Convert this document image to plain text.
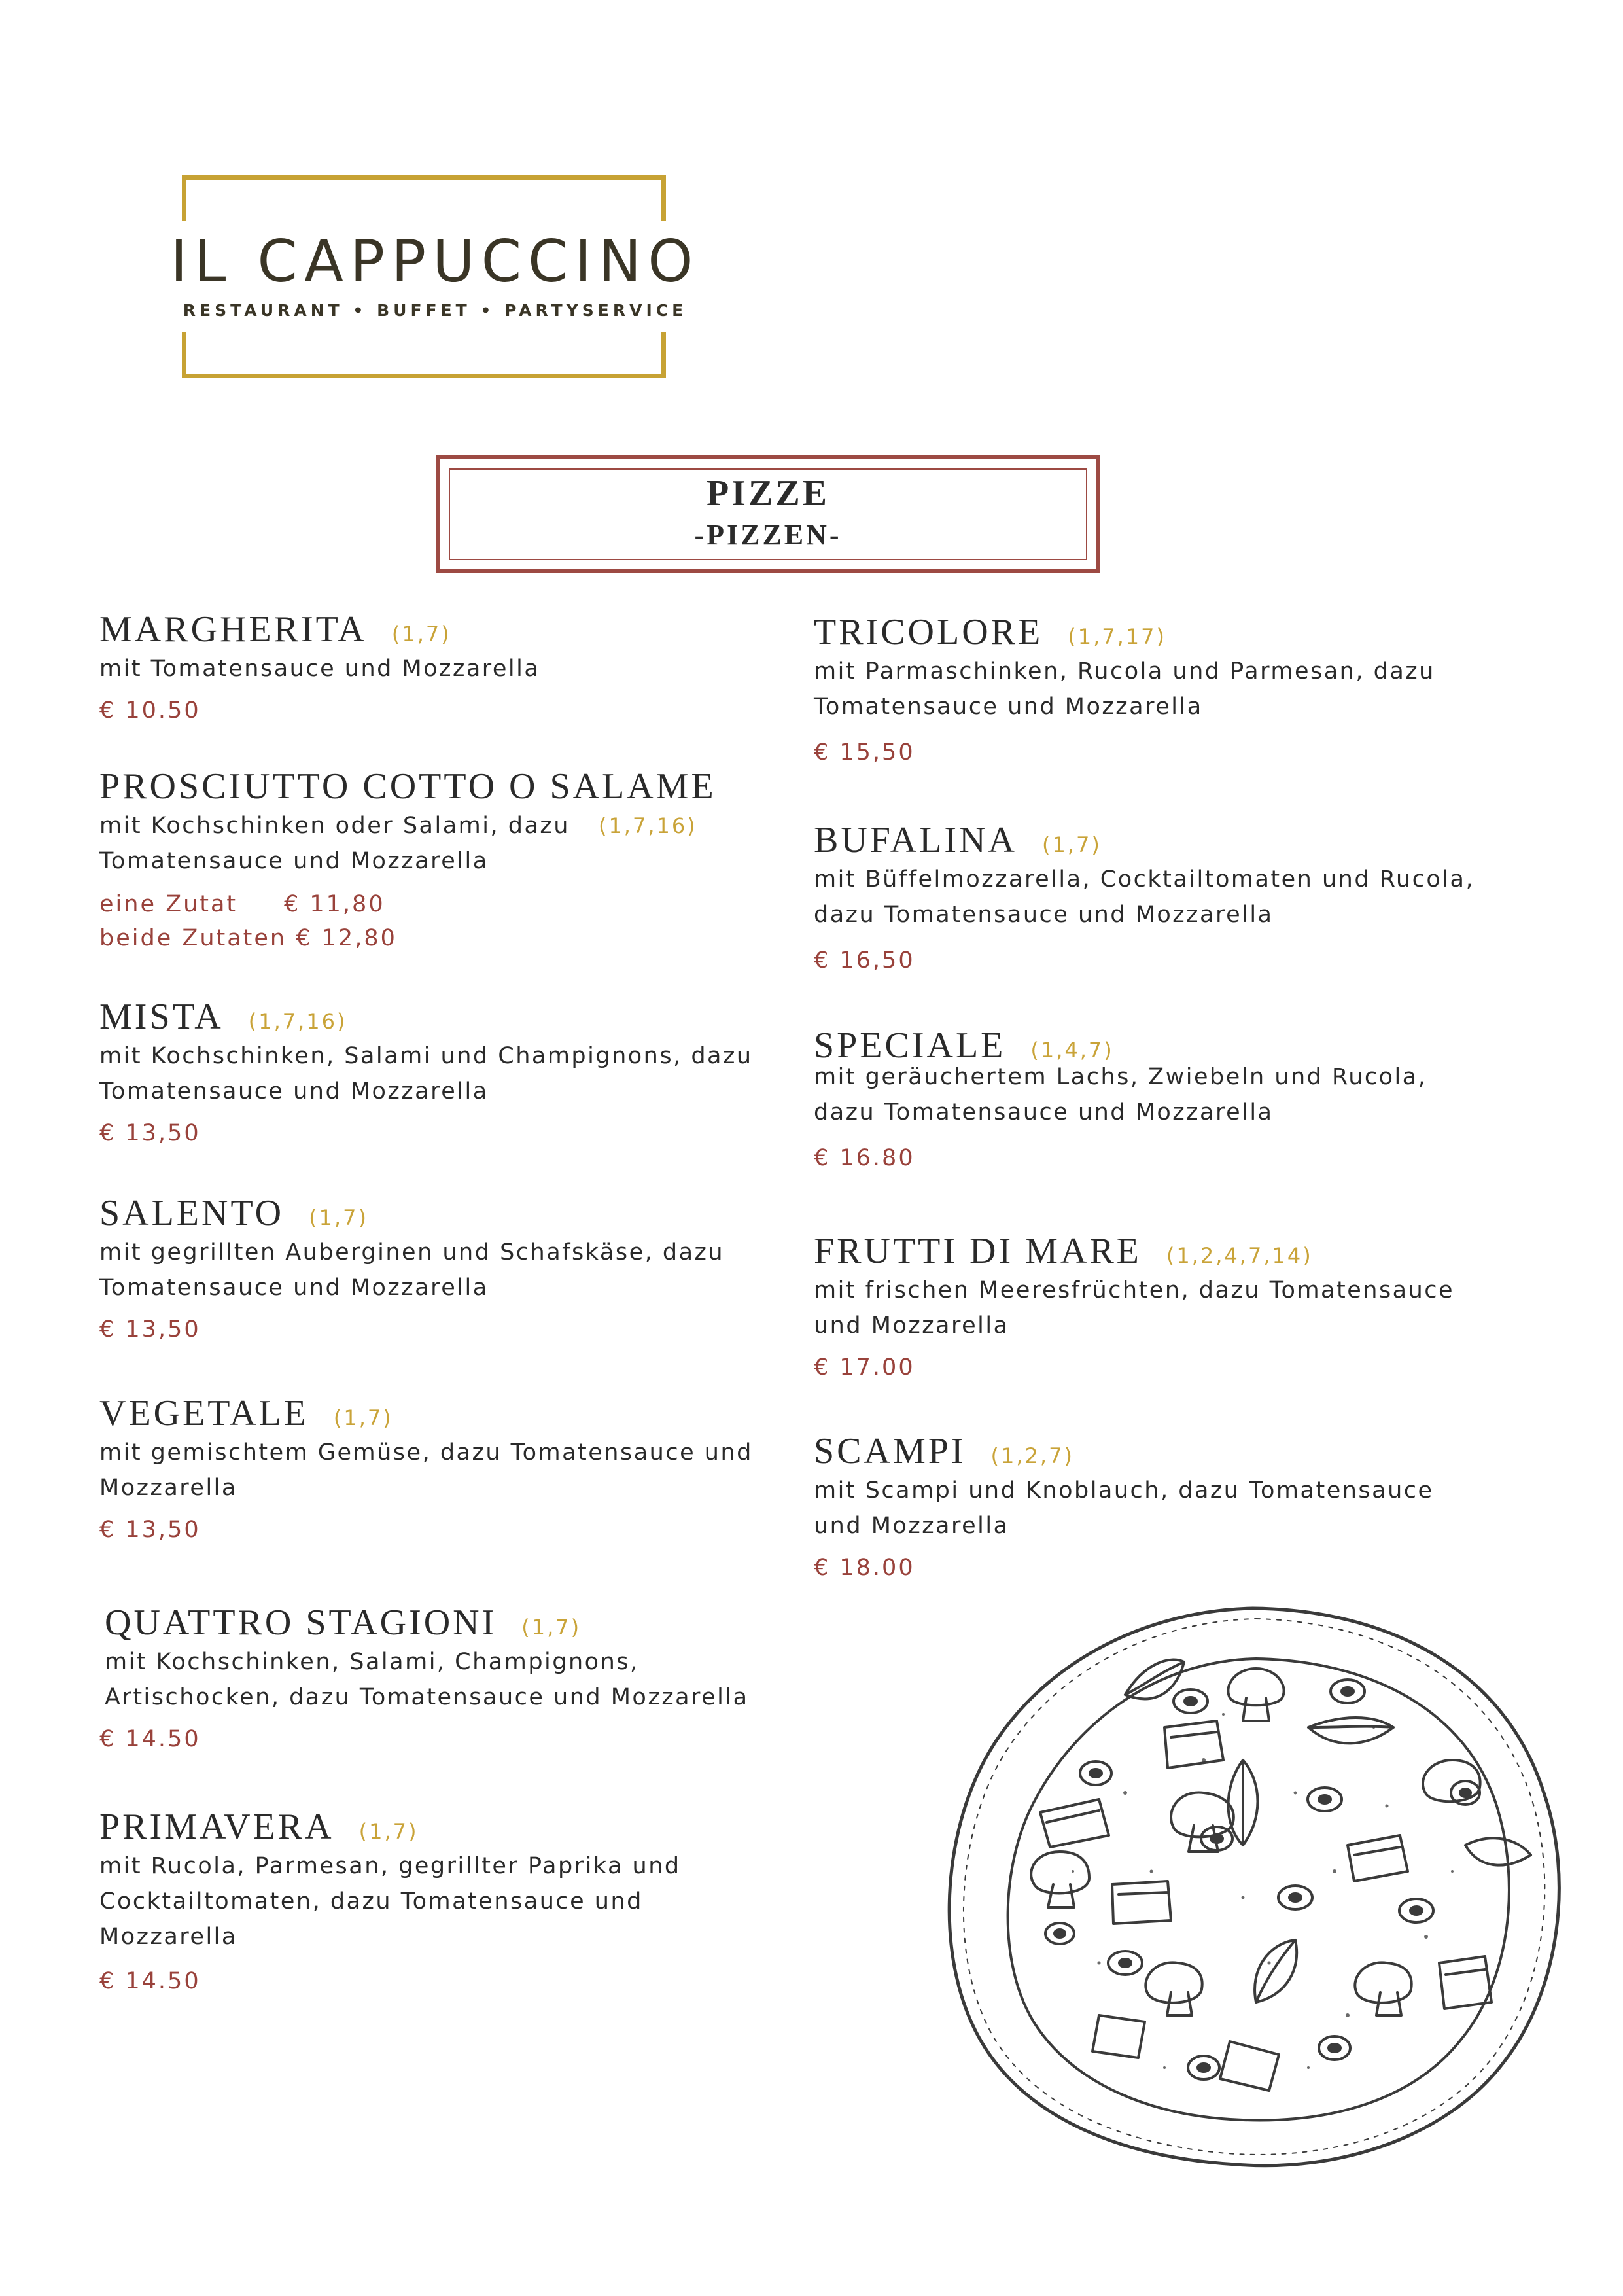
IL CAPPUCCINO
RESTAURANT • BUFFET • PARTYSERVICE
PIZZE
-PIZZEN-
MARGHERITA (1,7)
mit Tomatensauce und Mozzarella
€ 10.50
PROSCIUTTO COTTO O SALAME
mit Kochschinken oder Salami, dazu (1,7,16)
Tomatensauce und Mozzarella
eine Zutat € 11,80
beide Zutaten € 12,80
MISTA (1,7,16)
mit Kochschinken, Salami und Champignons, dazu
Tomatensauce und Mozzarella
€ 13,50
SALENTO (1,7)
mit gegrillten Auberginen und Schafskäse, dazu
Tomatensauce und Mozzarella
€ 13,50
VEGETALE (1,7)
mit gemischtem Gemüse, dazu Tomatensauce und
Mozzarella
€ 13,50
QUATTRO STAGIONI (1,7)
mit Kochschinken, Salami, Champignons,
Artischocken, dazu Tomatensauce und Mozzarella
€ 14.50
PRIMAVERA (1,7)
mit Rucola, Parmesan, gegrillter Paprika und
Cocktailtomaten, dazu Tomatensauce und
Mozzarella
€ 14.50
TRICOLORE (1,7,17)
mit Parmaschinken, Rucola und Parmesan, dazu
Tomatensauce und Mozzarella
€ 15,50
BUFALINA (1,7)
mit Büffelmozzarella, Cocktailtomaten und Rucola,
dazu Tomatensauce und Mozzarella
€ 16,50
SPECIALE (1,4,7)
mit geräuchertem Lachs, Zwiebeln und Rucola,
dazu Tomatensauce und Mozzarella
€ 16.80
FRUTTI DI MARE (1,2,4,7,14)
mit frischen Meeresfrüchten, dazu Tomatensauce
und Mozzarella
€ 17.00
SCAMPI (1,2,7)
mit Scampi und Knoblauch, dazu Tomatensauce
und Mozzarella
€ 18.00
